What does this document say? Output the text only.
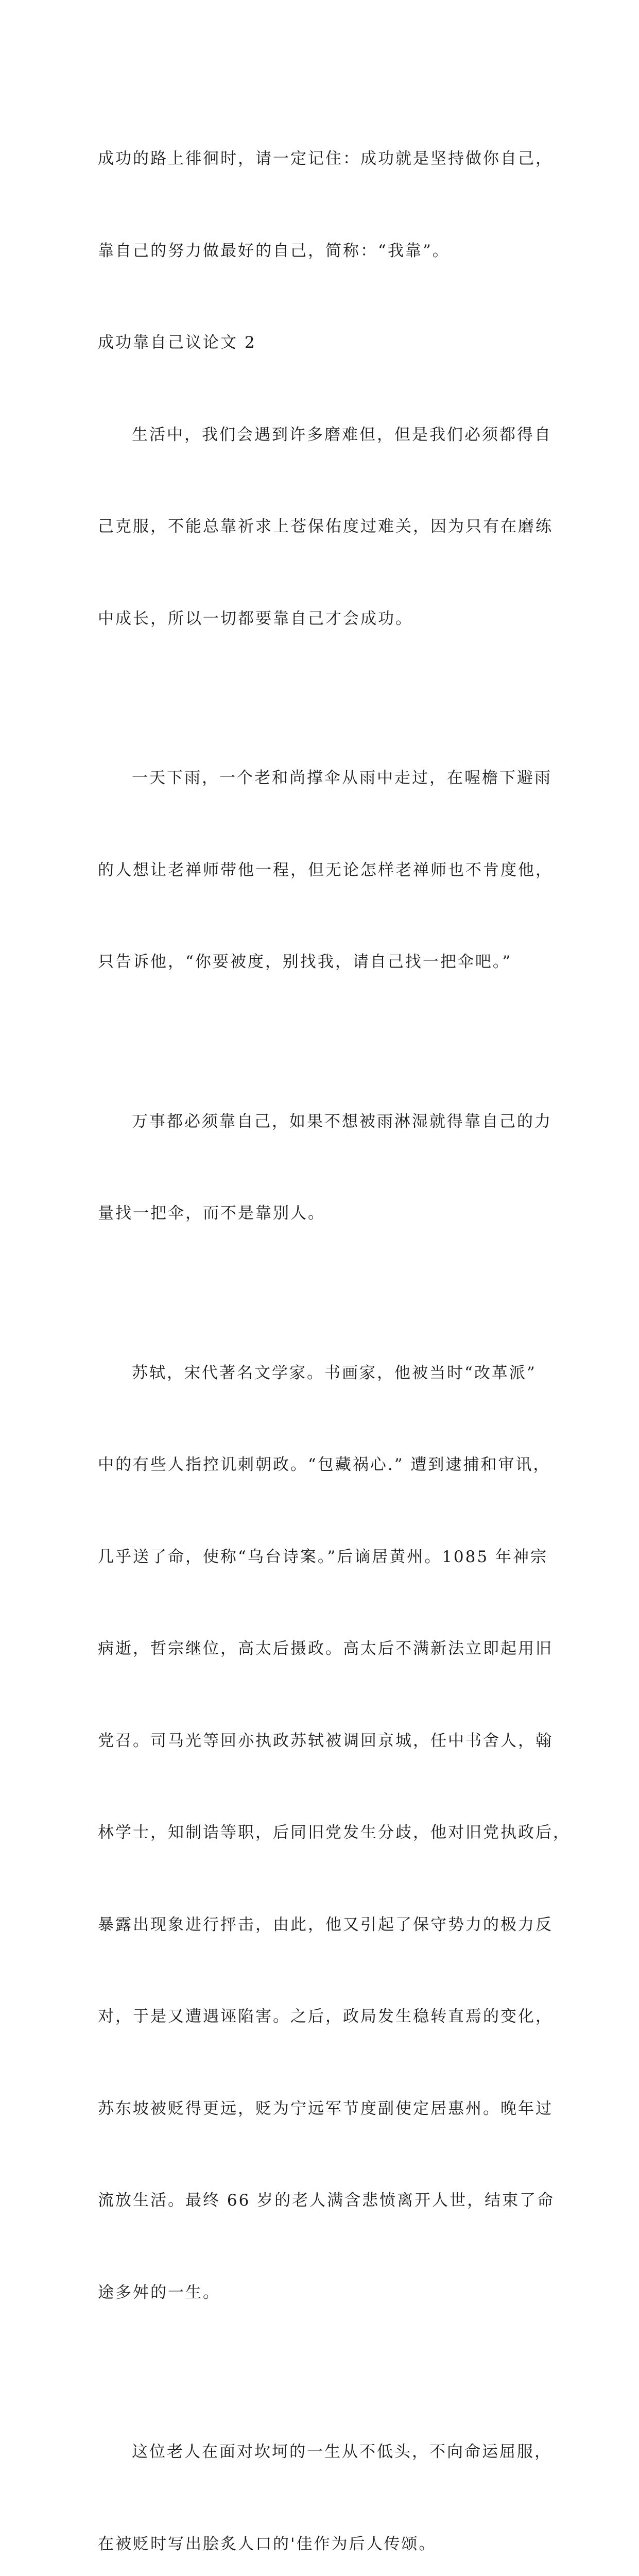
成功的路上徘徊时，请一定记住：成功就是坚持做你自己，

靠自己的努力做最好的自己，简称：“我靠”。

成功靠自己议论文 2

生活中，我们会遇到许多磨难但，但是我们必须都得自

己克服，不能总靠祈求上苍保佑度过难关，因为只有在磨练

中成长，所以一切都要靠自己才会成功。

一天下雨，一个老和尚撑伞从雨中走过，在喔檐下避雨

的人想让老禅师带他一程，但无论怎样老禅师也不肯度他，

只告诉他，“你要被度，别找我，请自己找一把伞吧。”

万事都必须靠自己，如果不想被雨淋湿就得靠自己的力

量找一把伞，而不是靠别人。

苏轼，宋代著名文学家。书画家，他被当时“改革派”

中的有些人指控讥刺朝政。“包藏祸心.” 遭到逮捕和审讯，

几乎送了命，使称“乌台诗案。”后谪居黄州。1085 年神宗

病逝，哲宗继位，高太后摄政。高太后不满新法立即起用旧

党召。司马光等回亦执政苏轼被调回京城，任中书舍人，翰

林学士，知制诰等职，后同旧党发生分歧，他对旧党执政后，

暴露出现象进行抨击，由此，他又引起了保守势力的极力反

对，于是又遭遇诬陷害。之后，政局发生稳转直焉的变化，

苏东坡被贬得更远，贬为宁远军节度副使定居惠州。晚年过

流放生活。最终 66 岁的老人满含悲愤离开人世，结束了命

途多舛的一生。

这位老人在面对坎坷的一生从不低头，不向命运屈服，

在被贬时写出脍炙人口的'佳作为后人传颂。
